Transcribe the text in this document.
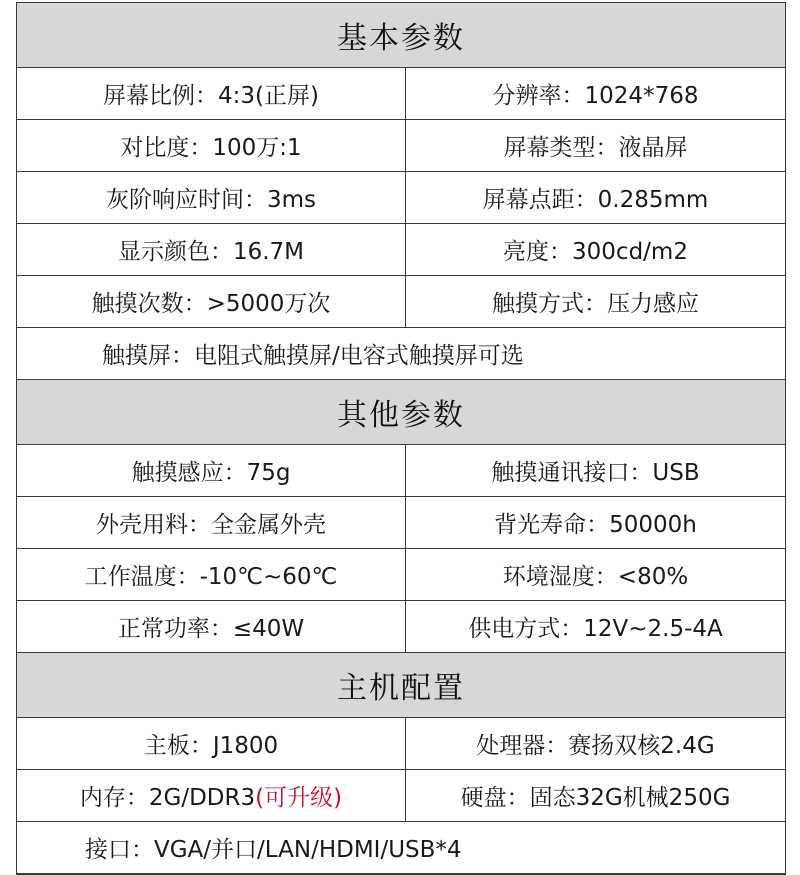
基本参数
屏幕比例：4:3(正屏)	分辨率：1024*768
对比度：100万:1	屏幕类型：液晶屏
灰阶响应时间：3ms	屏幕点距：0.285mm
显示颜色：16.7M	亮度：300cd/m2
触摸次数：>5000万次	触摸方式：压力感应
触摸屏：电阻式触摸屏/电容式触摸屏可选
其他参数
触摸感应：75g	触摸通讯接口：USB
外壳用料：全金属外壳	背光寿命：50000h
工作温度：-10℃~60℃	环境湿度：<80%
正常功率：≤40W	供电方式：12V~2.5-4A
主机配置
主板：J1800	处理器：赛扬双核2.4G
内存：2G/DDR3 (可升级)	硬盘：固态32G机械250G
接口：VGA/并口/LAN/HDMI/USB*4
